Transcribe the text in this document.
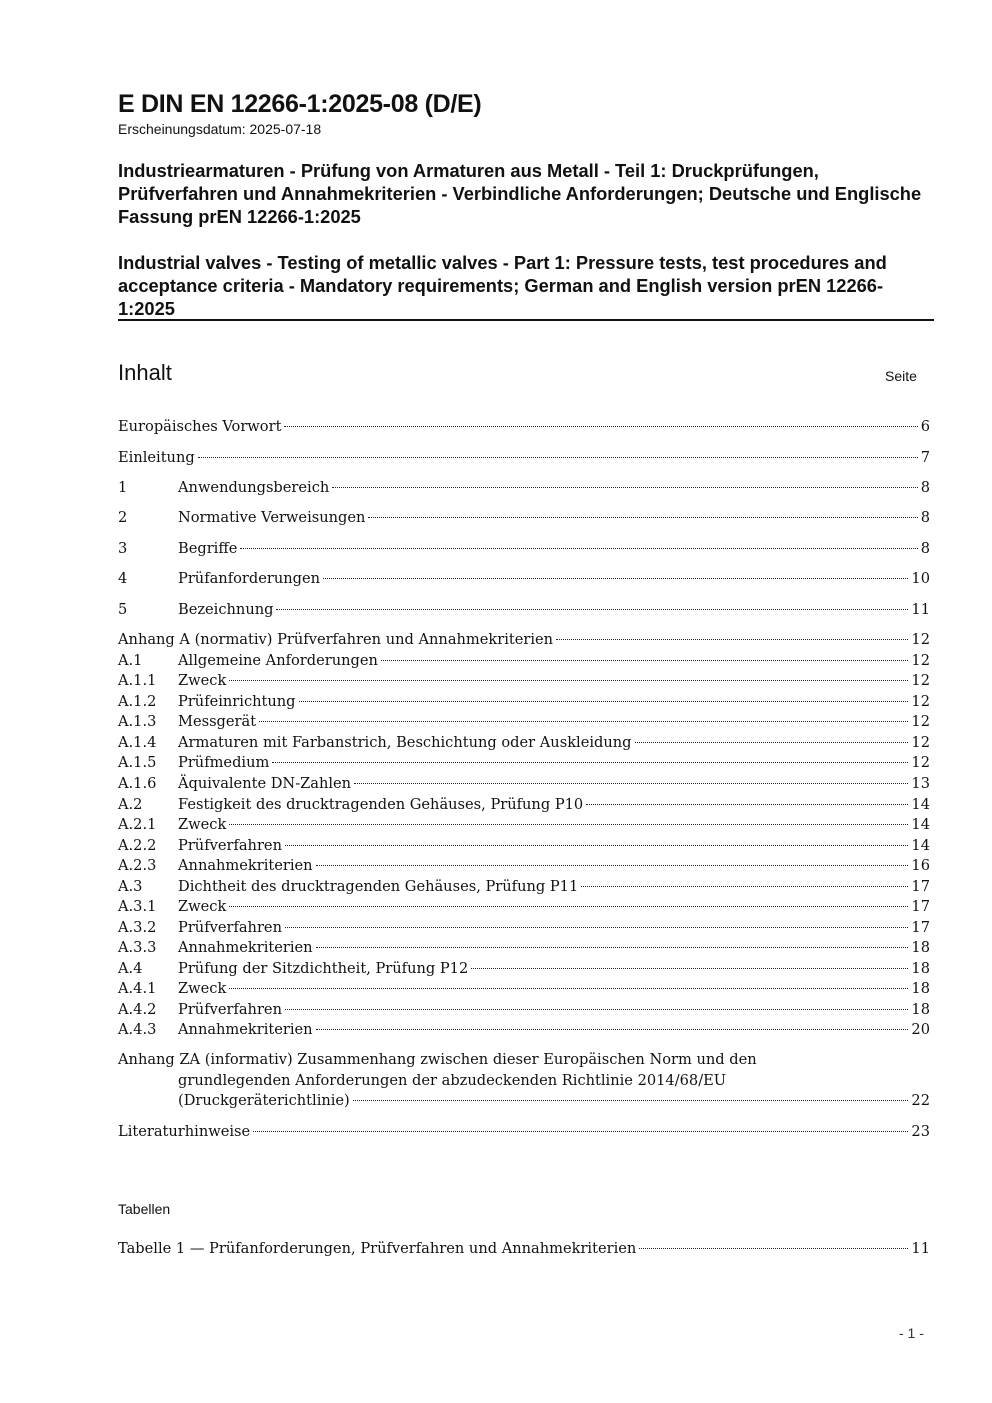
E DIN EN 12266-1:2025-08 (D/E)
Erscheinungsdatum: 2025-07-18
Industriearmaturen - Prüfung von Armaturen aus Metall - Teil 1: Druckprüfungen, Prüfverfahren und Annahmekriterien - Verbindliche Anforderungen; Deutsche und Englische Fassung prEN 12266-1:2025
Industrial valves - Testing of metallic valves - Part 1: Pressure tests, test procedures and acceptance criteria - Mandatory requirements; German and English version prEN 12266-1:2025
Inhalt	Seite
Europäisches Vorwort	6
Einleitung	7
1	Anwendungsbereich	8
2	Normative Verweisungen	8
3	Begriffe	8
4	Prüfanforderungen	10
5	Bezeichnung	11
Anhang A (normativ) Prüfverfahren und Annahmekriterien	12
A.1 Allgemeine Anforderungen	12
A.1.1 Zweck	12
A.1.2 Prüfeinrichtung	12
A.1.3 Messgerät	12
A.1.4 Armaturen mit Farbanstrich, Beschichtung oder Auskleidung	12
A.1.5 Prüfmedium	12
A.1.6 Äquivalente DN-Zahlen	13
A.2 Festigkeit des drucktragenden Gehäuses, Prüfung P10	14
A.2.1 Zweck	14
A.2.2 Prüfverfahren	14
A.2.3 Annahmekriterien	16
A.3 Dichtheit des drucktragenden Gehäuses, Prüfung P11	17
A.3.1 Zweck	17
A.3.2 Prüfverfahren	17
A.3.3 Annahmekriterien	18
A.4 Prüfung der Sitzdichtheit, Prüfung P12	18
A.4.1 Zweck	18
A.4.2 Prüfverfahren	18
A.4.3 Annahmekriterien	20
Anhang ZA (informativ) Zusammenhang zwischen dieser Europäischen Norm und den
grundlegenden Anforderungen der abzudeckenden Richtlinie 2014/68/EU
(Druckgeräterichtlinie)	22
Literaturhinweise	23
Tabellen
Tabelle 1 — Prüfanforderungen, Prüfverfahren und Annahmekriterien	11
- 1 -
